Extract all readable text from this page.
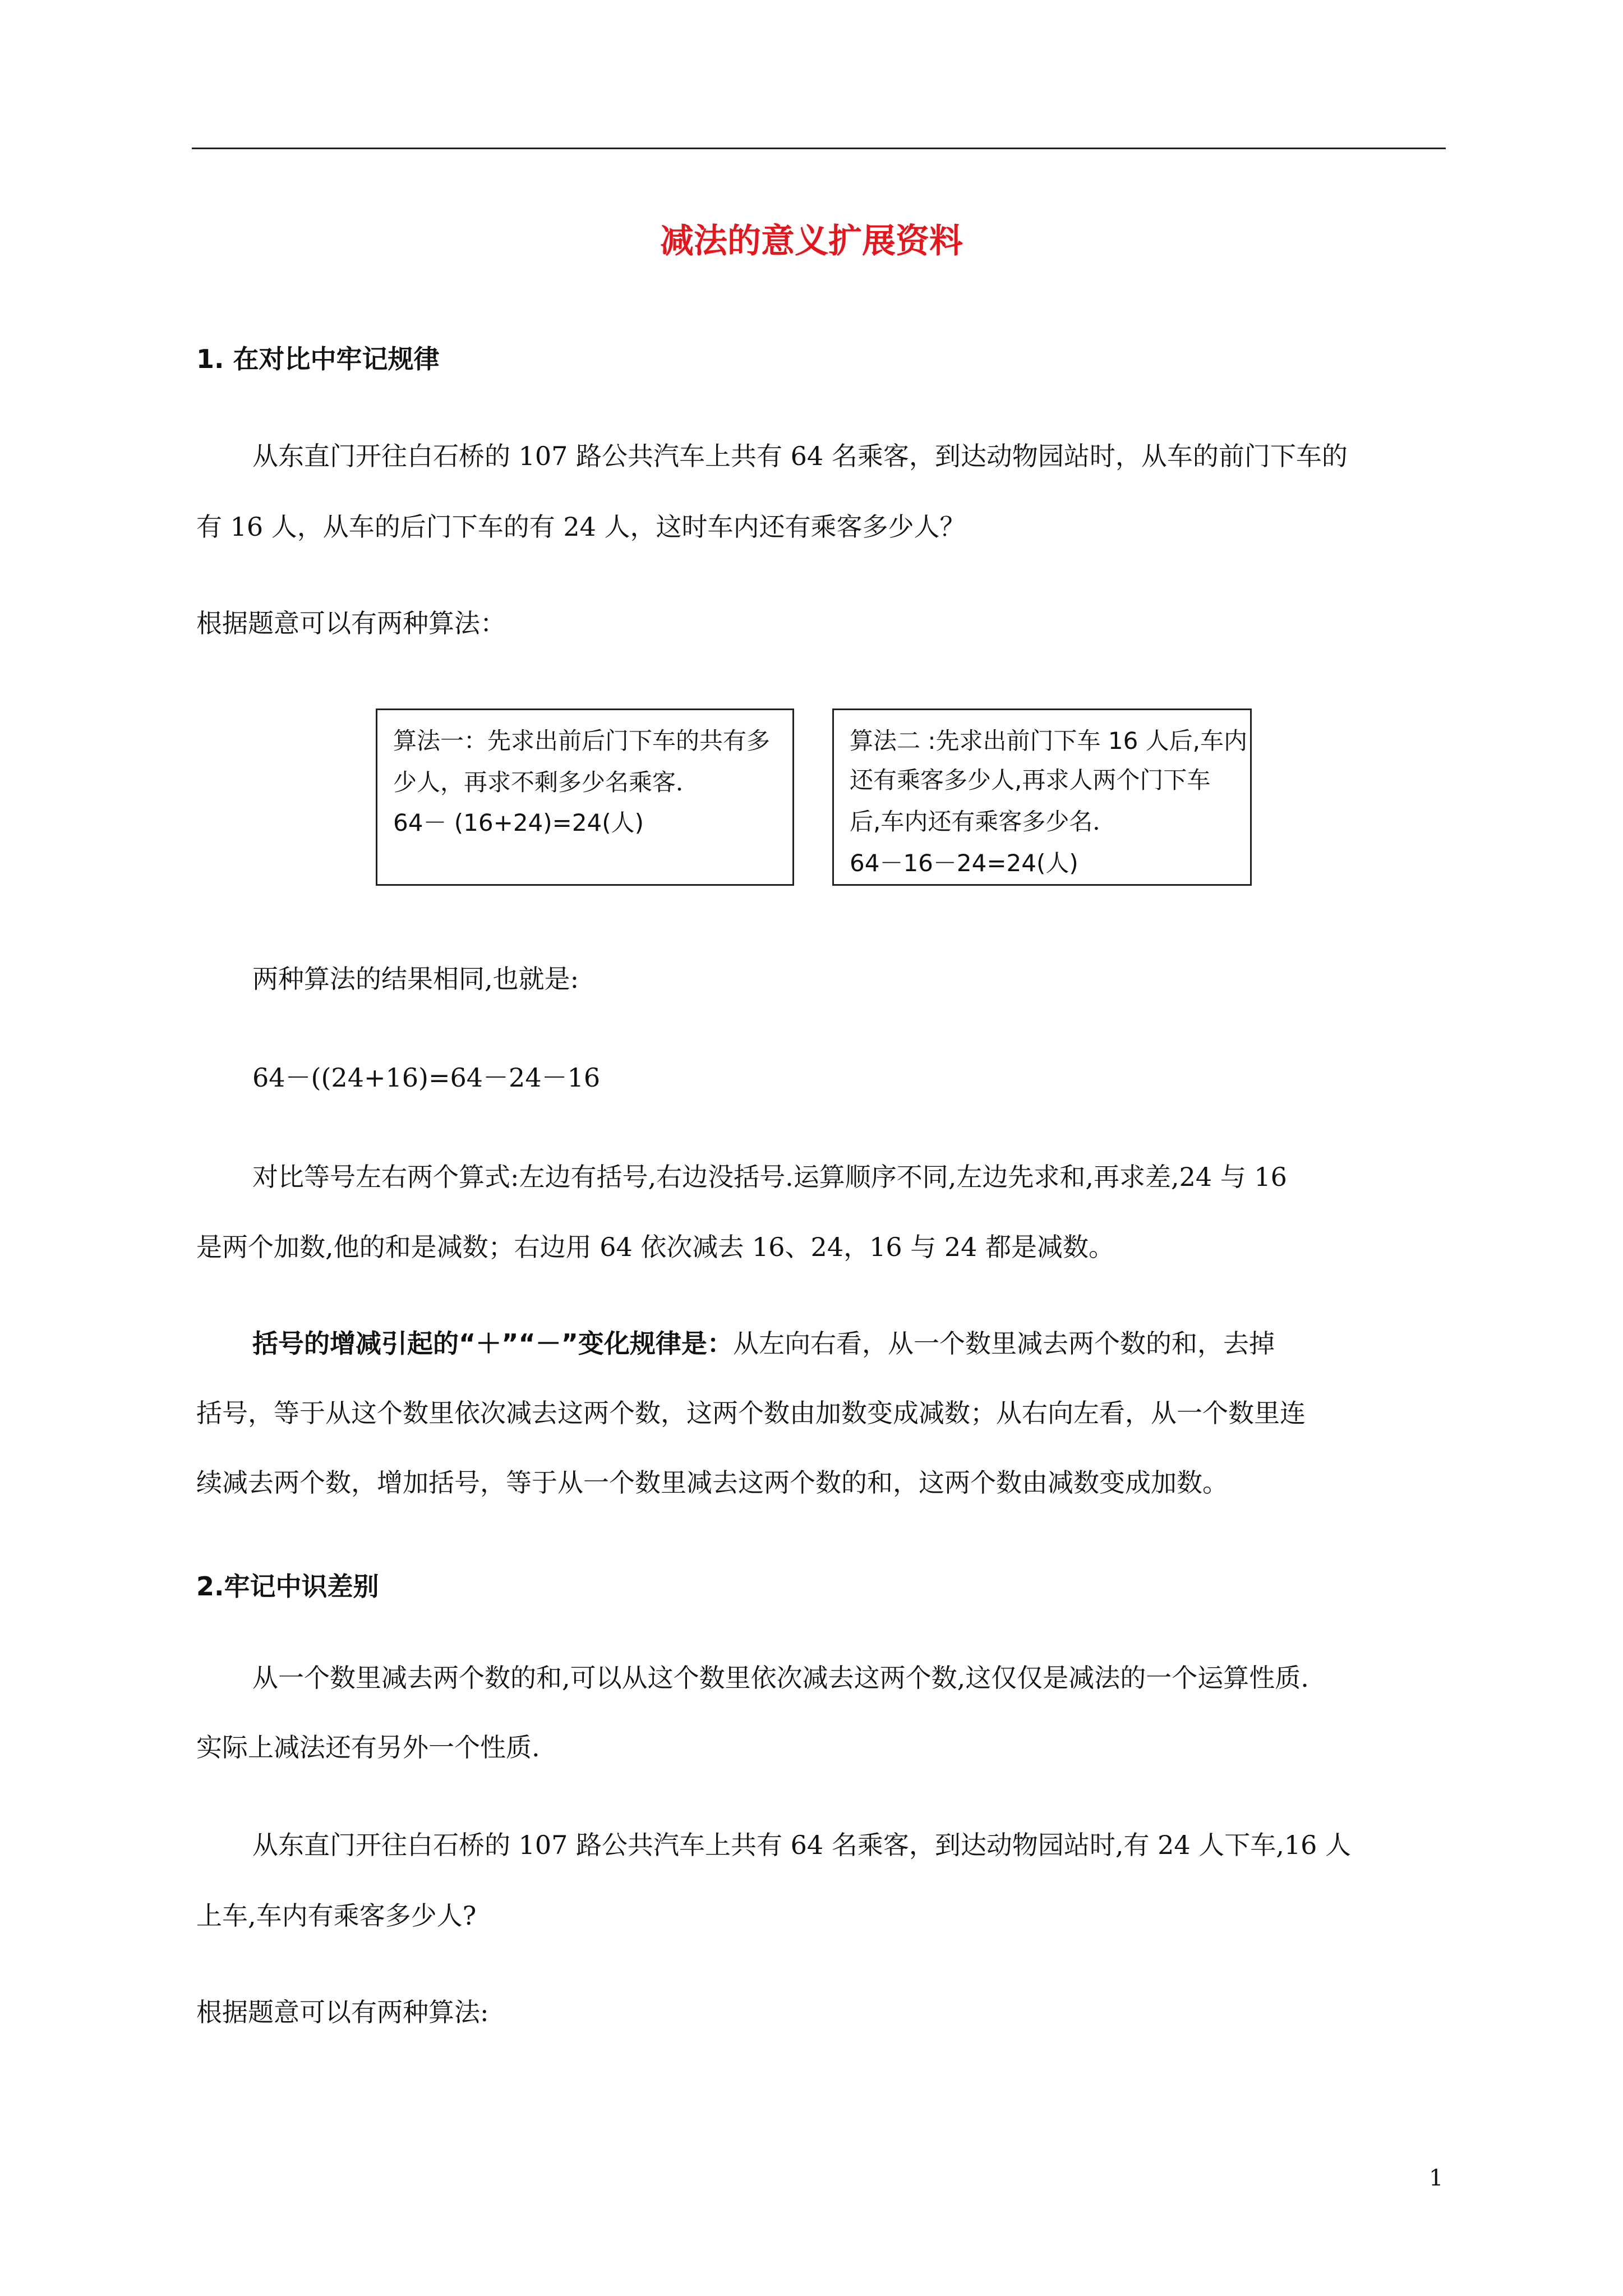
减法的意义扩展资料
1. 在对比中牢记规律
从东直门开往白石桥的 107 路公共汽车上共有 64 名乘客，到达动物园站时，从车的前门下车的
有 16 人，从车的后门下车的有 24 人，这时车内还有乘客多少人？
根据题意可以有两种算法：
算法一：先求出前后门下车的共有多
少人，再求不剩多少名乘客．
64－ (16+24)=24(人)
算法二 :先求出前门下车 16 人后,车内
还有乘客多少人,再求人两个门下车
后,车内还有乘客多少名．
64－16－24=24(人)
两种算法的结果相同,也就是:
64－((24+16)=64－24－16
对比等号左右两个算式:左边有括号,右边没括号.运算顺序不同,左边先求和,再求差,24 与 16
是两个加数,他的和是减数；右边用 64 依次减去 16、24，16 与 24 都是减数。
括号的增减引起的“＋”“－”变化规律是：从左向右看，从一个数里减去两个数的和，去掉
括号，等于从这个数里依次减去这两个数，这两个数由加数变成减数；从右向左看，从一个数里连
续减去两个数，增加括号，等于从一个数里减去这两个数的和，这两个数由减数变成加数。
2.牢记中识差别
从一个数里减去两个数的和,可以从这个数里依次减去这两个数,这仅仅是减法的一个运算性质.
实际上减法还有另外一个性质.
从东直门开往白石桥的 107 路公共汽车上共有 64 名乘客，到达动物园站时,有 24 人下车,16 人
上车,车内有乘客多少人?
根据题意可以有两种算法:
1
